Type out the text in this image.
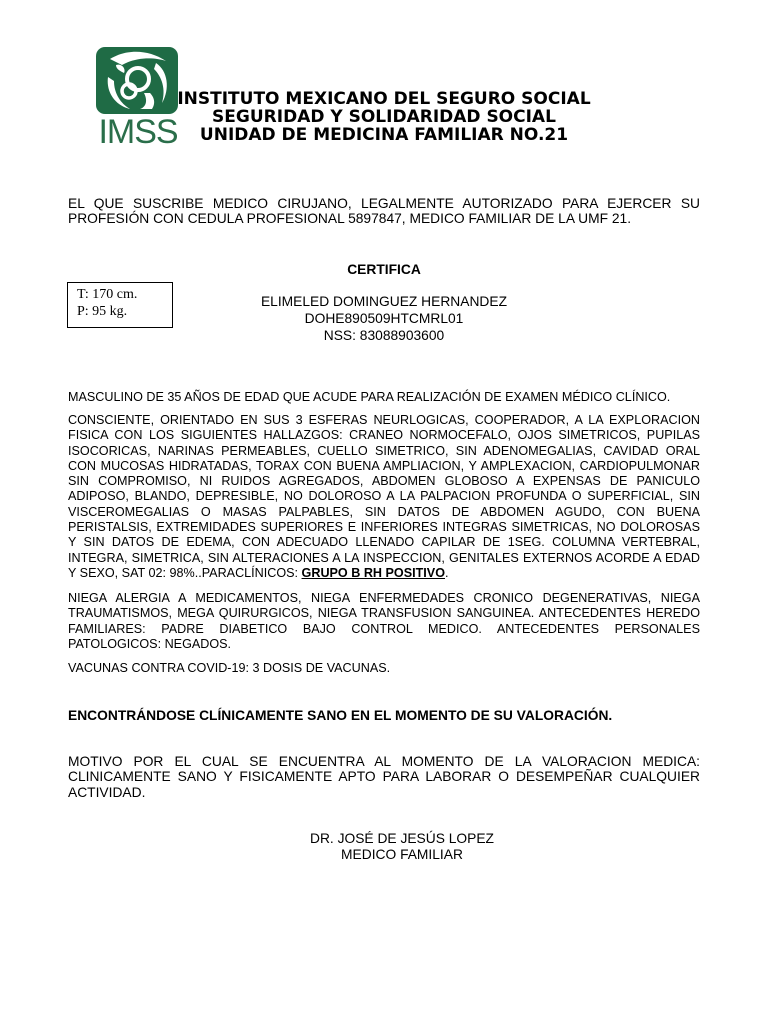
IMSS
INSTITUTO MEXICANO DEL SEGURO SOCIAL
SEGURIDAD Y SOLIDARIDAD SOCIAL
UNIDAD DE MEDICINA FAMILIAR NO.21
EL QUE SUSCRIBE MEDICO CIRUJANO, LEGALMENTE AUTORIZADO PARA EJERCER SU PROFESIÓN CON CEDULA PROFESIONAL 5897847, MEDICO FAMILIAR DE LA UMF 21.
CERTIFICA
T: 170 cm.
P: 95 kg.
ELIMELED DOMINGUEZ HERNANDEZ
DOHE890509HTCMRL01
NSS: 83088903600
MASCULINO DE 35 AÑOS DE EDAD QUE ACUDE PARA REALIZACIÓN DE EXAMEN MÉDICO CLÍNICO.
CONSCIENTE, ORIENTADO EN SUS 3 ESFERAS NEURLOGICAS, COOPERADOR, A LA EXPLORACION FISICA CON LOS SIGUIENTES HALLAZGOS: CRANEO NORMOCEFALO, OJOS SIMETRICOS, PUPILAS ISOCORICAS, NARINAS PERMEABLES, CUELLO SIMETRICO, SIN ADENOMEGALIAS, CAVIDAD ORAL CON MUCOSAS HIDRATADAS, TORAX CON BUENA AMPLIACION, Y AMPLEXACION, CARDIOPULMONAR SIN COMPROMISO, NI RUIDOS AGREGADOS, ABDOMEN GLOBOSO A EXPENSAS DE PANICULO ADIPOSO, BLANDO, DEPRESIBLE, NO DOLOROSO A LA PALPACION PROFUNDA O SUPERFICIAL, SIN VISCEROMEGALIAS O MASAS PALPABLES, SIN DATOS DE ABDOMEN AGUDO, CON BUENA PERISTALSIS, EXTREMIDADES SUPERIORES E INFERIORES INTEGRAS SIMETRICAS, NO DOLOROSAS Y SIN DATOS DE EDEMA, CON ADECUADO LLENADO CAPILAR DE 1SEG. COLUMNA VERTEBRAL, INTEGRA, SIMETRICA, SIN ALTERACIONES A LA INSPECCION, GENITALES EXTERNOS ACORDE A EDAD Y SEXO, SAT 02: 98%..PARACLÍNICOS: GRUPO B RH POSITIVO.
NIEGA ALERGIA A MEDICAMENTOS, NIEGA ENFERMEDADES CRONICO DEGENERATIVAS, NIEGA TRAUMATISMOS, MEGA QUIRURGICOS, NIEGA TRANSFUSION SANGUINEA. ANTECEDENTES HEREDO FAMILIARES: PADRE DIABETICO BAJO CONTROL MEDICO. ANTECEDENTES PERSONALES PATOLOGICOS: NEGADOS.
VACUNAS CONTRA COVID-19: 3 DOSIS DE VACUNAS.
ENCONTRÁNDOSE CLÍNICAMENTE SANO EN EL MOMENTO DE SU VALORACIÓN.
MOTIVO POR EL CUAL SE ENCUENTRA AL MOMENTO DE LA VALORACION MEDICA: CLINICAMENTE SANO Y FISICAMENTE APTO PARA LABORAR O DESEMPEÑAR CUALQUIER ACTIVIDAD.
DR. JOSÉ DE JESÚS LOPEZ
MEDICO FAMILIAR
